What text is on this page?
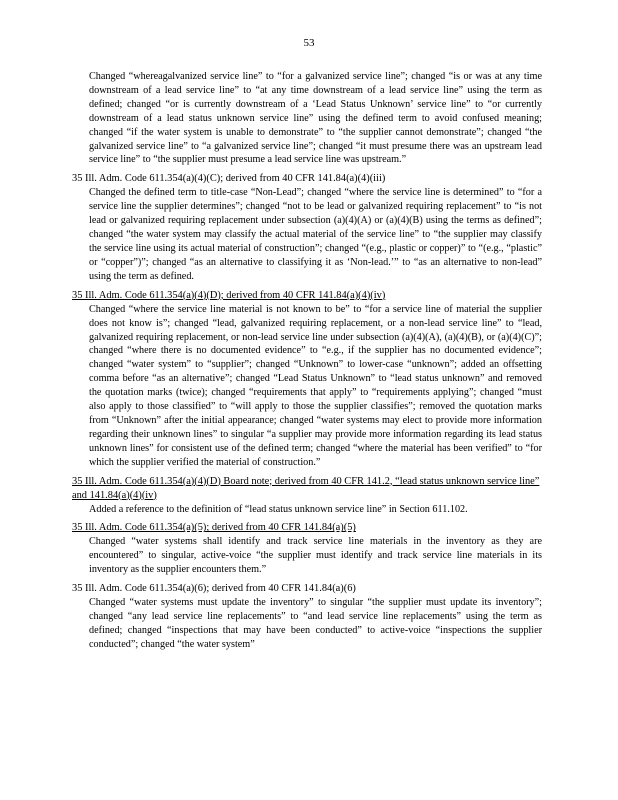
53

Changed “whereagalvanized service line” to “for a galvanized service line”; changed “is or was at any time downstream of a lead service line” to “at any time downstream of a lead service line” using the term as defined; changed “or is currently downstream of a ‘Lead Status Unknown’ service line” to “or currently downstream of a lead status unknown service line” using the defined term to avoid confused meaning; changed “if the water system is unable to demonstrate” to “the supplier cannot demonstrate”; changed “the galvanized service line” to “a galvanized service line”; changed “it must presume there was an upstream lead service line” to “the supplier must presume a lead service line was upstream.”

35 Ill. Adm. Code 611.354(a)(4)(C); derived from 40 CFR 141.84(a)(4)(iii)

Changed the defined term to title-case “Non-Lead”; changed “where the service line is determined” to “for a service line the supplier determines”; changed “not to be lead or galvanized requiring replacement” to “is not lead or galvanized requiring replacement under subsection (a)(4)(A) or (a)(4)(B) using the terms as defined”; changed “the water system may classify the actual material of the service line” to “the supplier may classify the service line using its actual material of construction”; changed “(e.g., plastic or copper)” to “(e.g., “plastic” or “copper”)”; changed “as an alternative to classifying it as ‘Non-lead.’” to “as an alternative to non-lead” using the term as defined.

35 Ill. Adm. Code 611.354(a)(4)(D); derived from 40 CFR 141.84(a)(4)(iv)

Changed “where the service line material is not known to be” to “for a service line of material the supplier does not know is”; changed “lead, galvanized requiring replacement, or a non-lead service line” to “lead, galvanized requiring replacement, or non-lead service line under subsection (a)(4)(A), (a)(4)(B), or (a)(4)(C)”; changed “where there is no documented evidence” to “e.g., if the supplier has no documented evidence”; changed “water system” to “supplier”; changed “Unknown” to lower-case “unknown”; added an offsetting comma before “as an alternative”; changed “Lead Status Unknown” to “lead status unknown” and removed the quotation marks (twice); changed “requirements that apply” to “requirements applying”; changed “must also apply to those classified” to “will apply to those the supplier classifies”; removed the quotation marks from “Unknown” after the initial appearance; changed “water systems may elect to provide more information regarding their unknown lines” to singular “a supplier may provide more information regarding its lead status unknown lines” for consistent use of the defined term; changed “where the material has been verified” to “for which the supplier verified the material of construction.”

35 Ill. Adm. Code 611.354(a)(4)(D) Board note; derived from 40 CFR 141.2, “lead status unknown service line” and 141.84(a)(4)(iv)

Added a reference to the definition of “lead status unknown service line” in Section 611.102.

35 Ill. Adm. Code 611.354(a)(5); derived from 40 CFR 141.84(a)(5)

Changed “water systems shall identify and track service line materials in the inventory as they are encountered” to singular, active-voice “the supplier must identify and track service line materials in its inventory as the supplier encounters them.”

35 Ill. Adm. Code 611.354(a)(6); derived from 40 CFR 141.84(a)(6)

Changed “water systems must update the inventory” to singular “the supplier must update its inventory”; changed “any lead service line replacements” to “and lead service line replacements” using the term as defined; changed “inspections that may have been conducted” to active-voice “inspections the supplier conducted”; changed “the water system”
